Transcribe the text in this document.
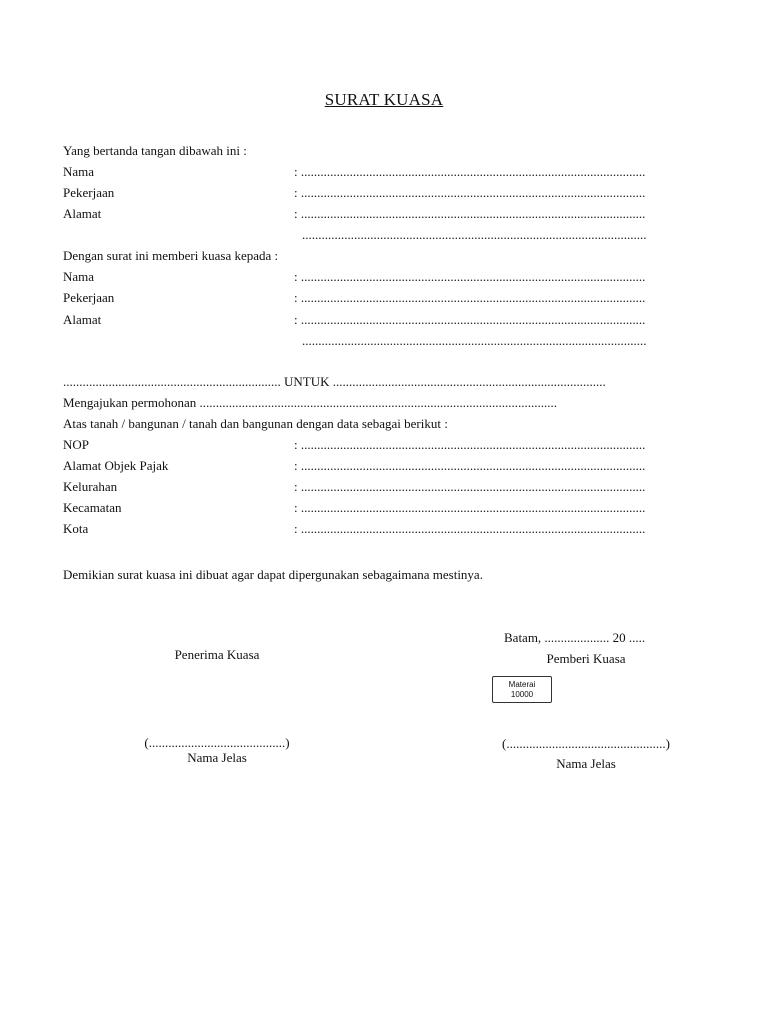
SURAT KUASA
Yang bertanda tangan dibawah ini :
Nama	: ..........................................................................................................
Pekerjaan	: ..........................................................................................................
Alamat	: ..........................................................................................................
..........................................................................................................
Dengan surat ini memberi kuasa kepada :
Nama	: ..........................................................................................................
Pekerjaan	: ..........................................................................................................
Alamat	: ..........................................................................................................
..........................................................................................................
................................................................... UNTUK ....................................................................................
Mengajukan permohonan ..............................................................................................................
Atas tanah / bangunan / tanah dan bangunan dengan data sebagai berikut :
NOP	: ..........................................................................................................
Alamat Objek Pajak	: ..........................................................................................................
Kelurahan	: ..........................................................................................................
Kecamatan	: ..........................................................................................................
Kota	: ..........................................................................................................
Demikian surat kuasa ini dibuat agar dapat dipergunakan sebagaimana mestinya.
Batam, .................... 20 .....
Penerima Kuasa	Pemberi Kuasa
Materai
10000
(..........................................)
Nama Jelas
(.................................................)
Nama Jelas
